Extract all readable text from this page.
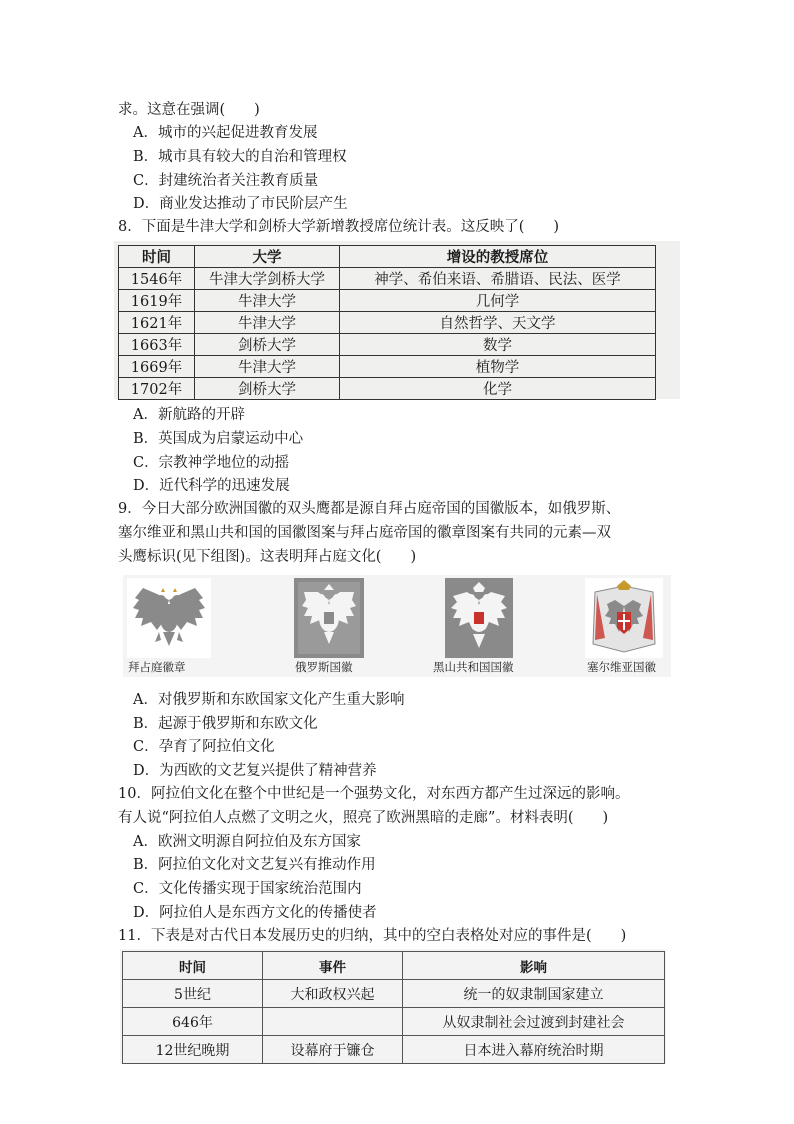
求。这意在强调(　　)
A．城市的兴起促进教育发展
B．城市具有较大的自治和管理权
C．封建统治者关注教育质量
D．商业发达推动了市民阶层产生
8．下面是牛津大学和剑桥大学新增教授席位统计表。这反映了(　　)
时间	大学	增设的教授席位
1546年	牛津大学剑桥大学	神学、希伯来语、希腊语、民法、医学
1619年	牛津大学	几何学
1621年	牛津大学	自然哲学、天文学
1663年	剑桥大学	数学
1669年	牛津大学	植物学
1702年	剑桥大学	化学
A．新航路的开辟
B．英国成为启蒙运动中心
C．宗教神学地位的动摇
D．近代科学的迅速发展
9．今日大部分欧洲国徽的双头鹰都是源自拜占庭帝国的国徽版本，如俄罗斯、
塞尔维亚和黑山共和国的国徽图案与拜占庭帝国的徽章图案有共同的元素—双
头鹰标识(见下组图)。这表明拜占庭文化(　　)
拜占庭徽章	俄罗斯国徽	黑山共和国国徽	塞尔维亚国徽
A．对俄罗斯和东欧国家文化产生重大影响
B．起源于俄罗斯和东欧文化
C．孕育了阿拉伯文化
D．为西欧的文艺复兴提供了精神营养
10．阿拉伯文化在整个中世纪是一个强势文化，对东西方都产生过深远的影响。
有人说“阿拉伯人点燃了文明之火，照亮了欧洲黑暗的走廊”。材料表明(　　)
A．欧洲文明源自阿拉伯及东方国家
B．阿拉伯文化对文艺复兴有推动作用
C．文化传播实现于国家统治范围内
D．阿拉伯人是东西方文化的传播使者
11．下表是对古代日本发展历史的归纳，其中的空白表格处对应的事件是(　　)
时间	事件	影响
5世纪	大和政权兴起	统一的奴隶制国家建立
646年		从奴隶制社会过渡到封建社会
12世纪晚期	设幕府于镰仓	日本进入幕府统治时期
